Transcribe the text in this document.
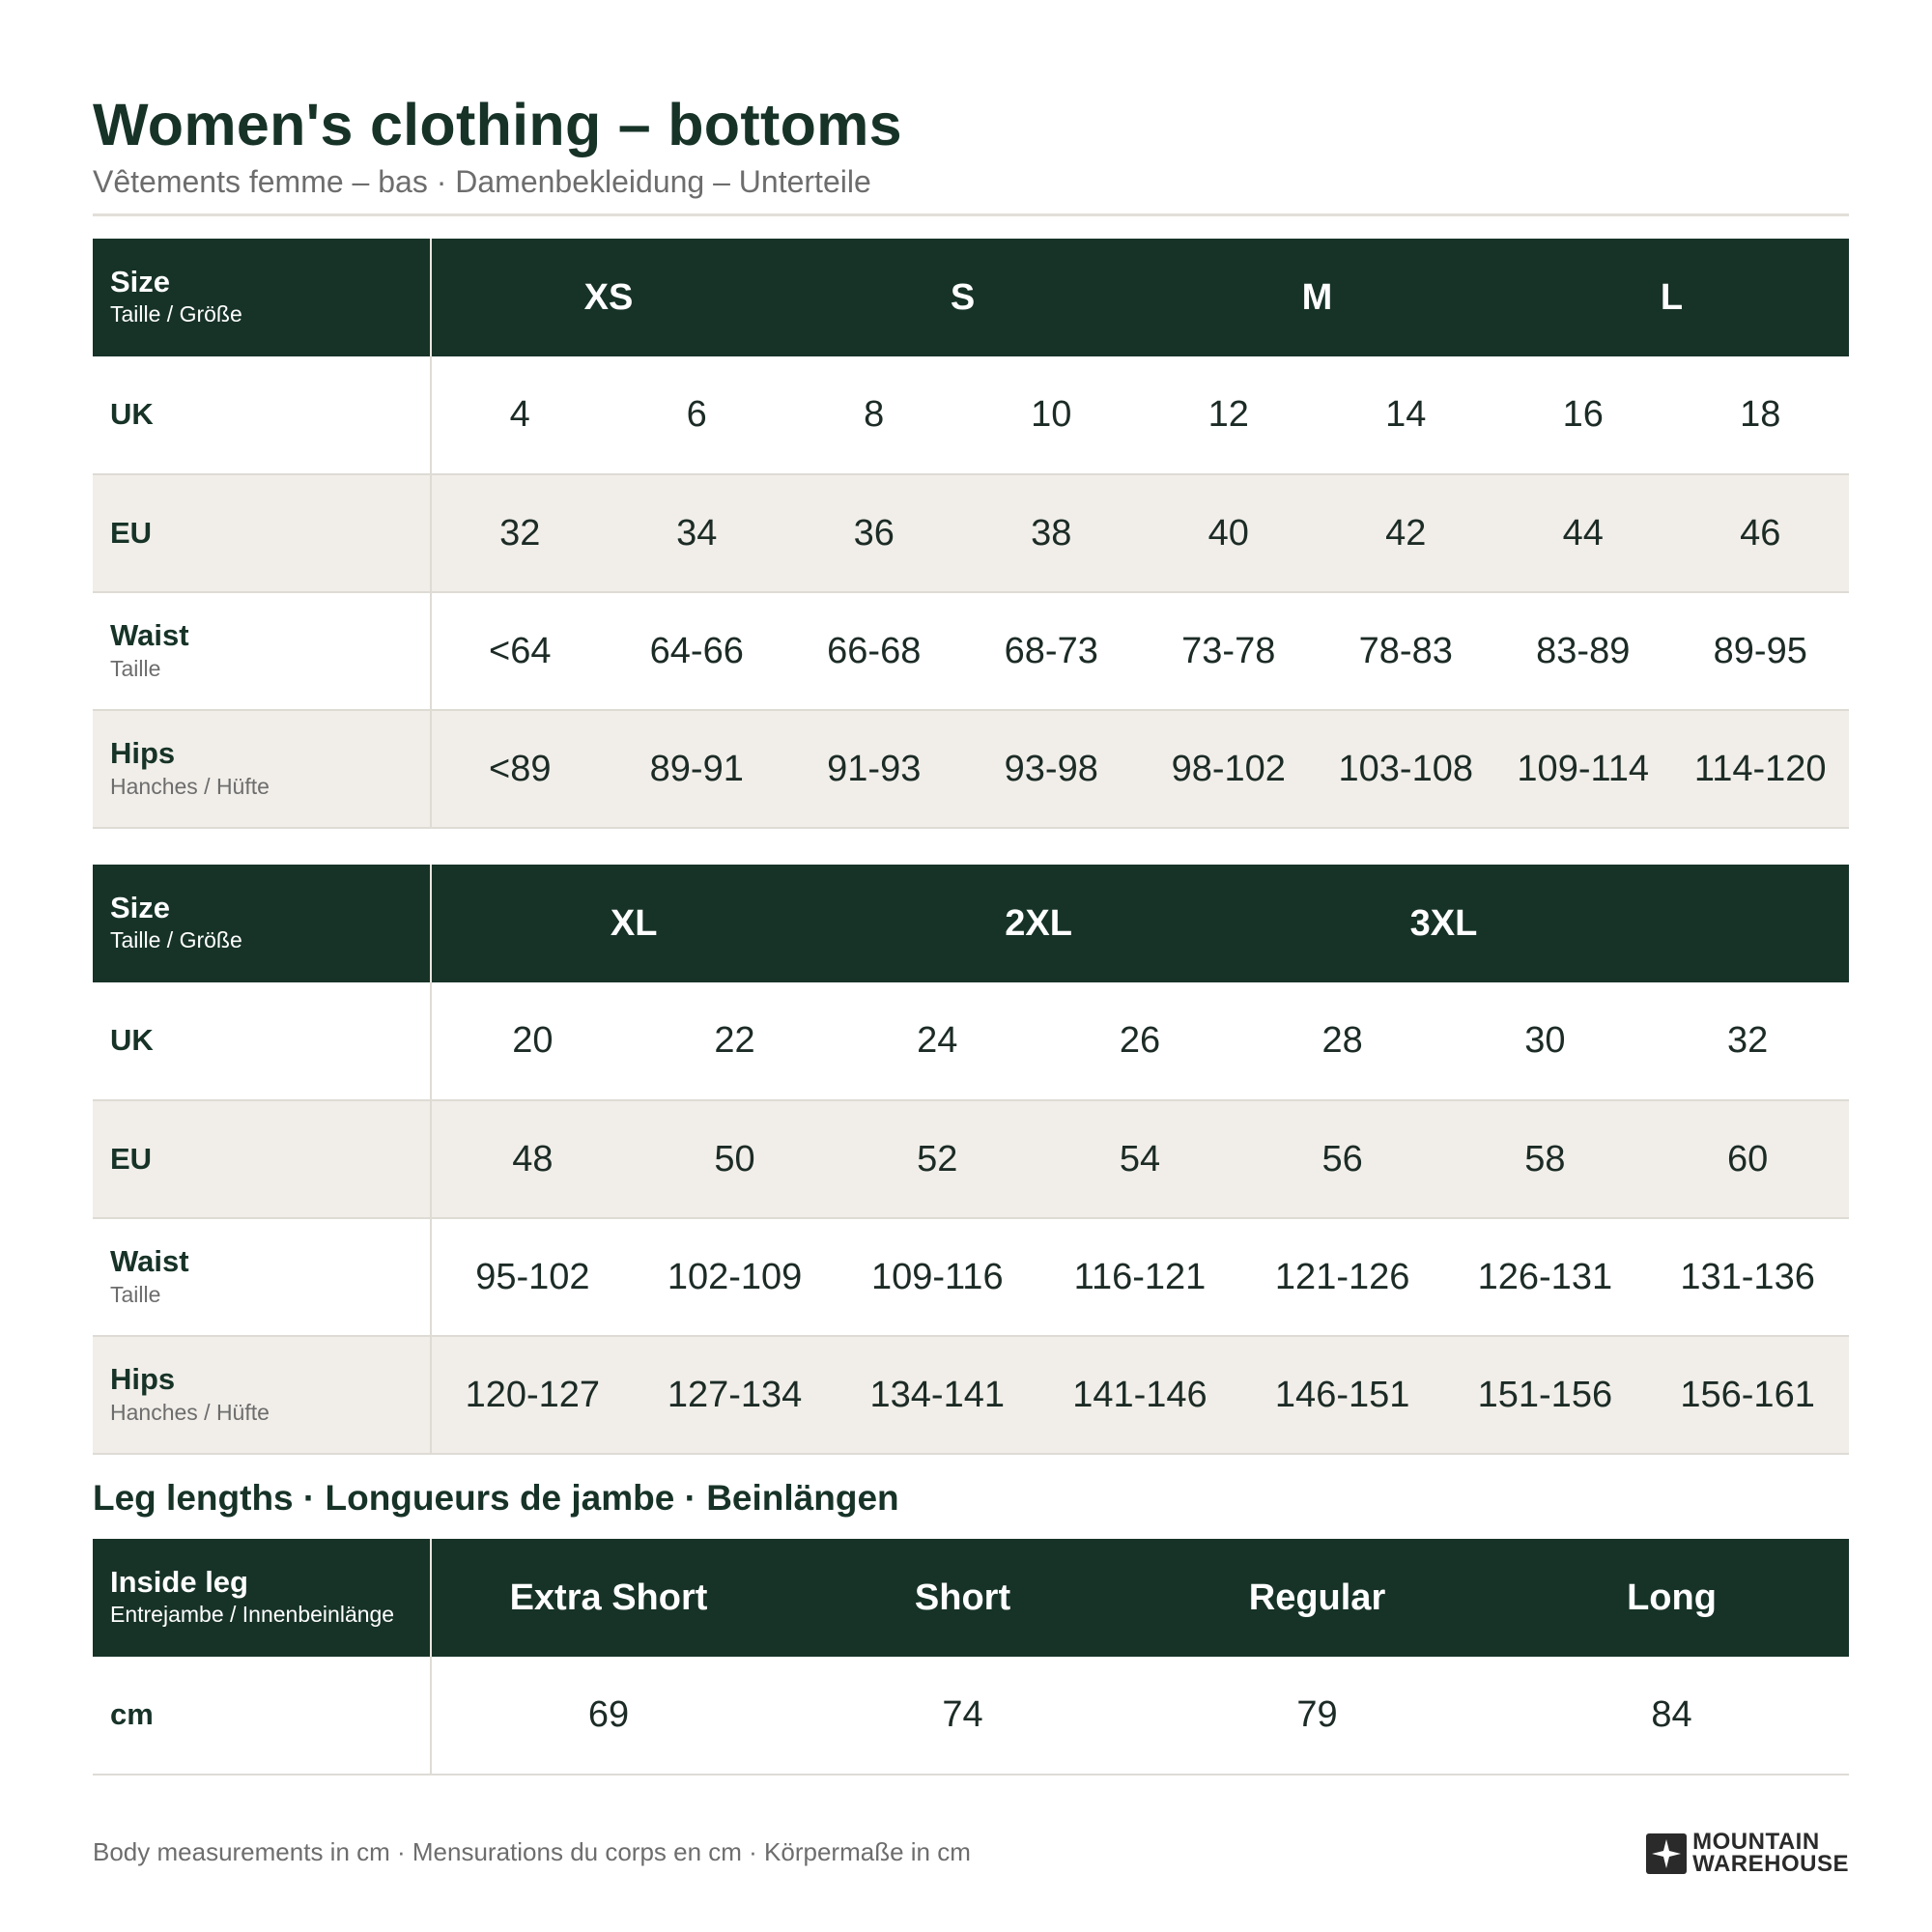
Women's clothing – bottoms
Vêtements femme – bas · Damenbekleidung – Unterteile
Size
Taille / Größe	XS		S		M		L	

UK	4	6	8	10	12	14	16	18

EU	32	34	36	38	40	42	44	46

Waist
Taille	<64	64-66	66-68	68-73	73-78	78-83	83-89	89-95

Hips
Hanches / Hüfte	<89	89-91	91-93	93-98	98-102	103-108	109-114	114-120
Size
Taille / Größe	XL		2XL		3XL		

UK	20	22	24	26	28	30	32

EU	48	50	52	54	56	58	60

Waist
Taille	95-102	102-109	109-116	116-121	121-126	126-131	131-136

Hips
Hanches / Hüfte	120-127	127-134	134-141	141-146	146-151	151-156	156-161
Leg lengths · Longueurs de jambe · Beinlängen
Inside leg
Entrejambe / Innenbeinlänge	Extra Short	Short	Regular	Long

cm	69	74	79	84
Body measurements in cm · Mensurations du corps en cm · Körpermaße in cm	MOUNTAIN
WAREHOUSE
